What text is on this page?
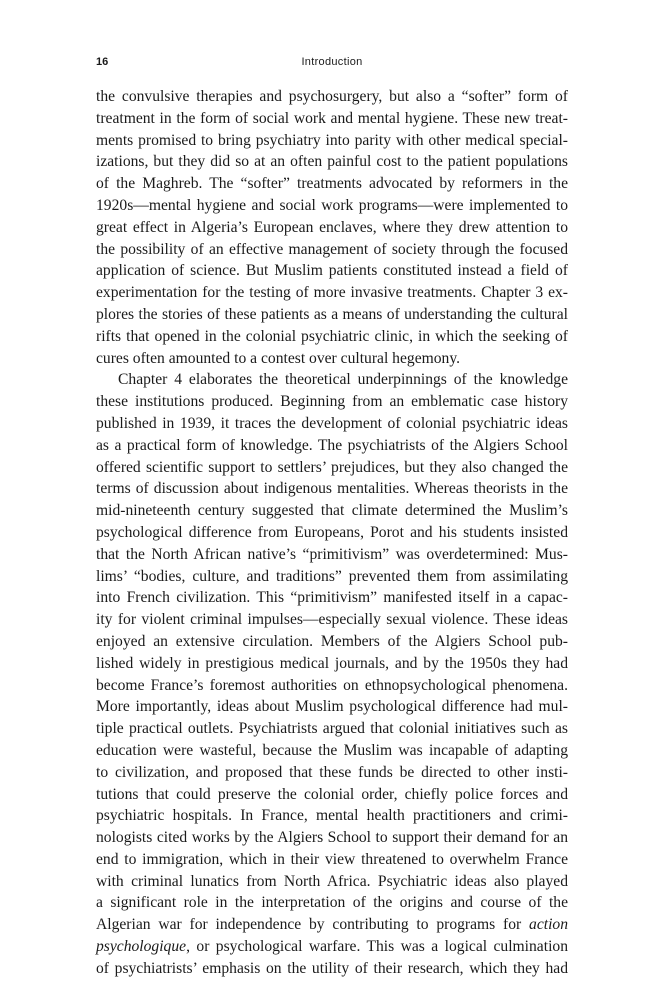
16	Introduction
the convulsive therapies and psychosurgery, but also a “softer” form of
treatment in the form of social work and mental hygiene. These new treat-
ments promised to bring psychiatry into parity with other medical special-
izations, but they did so at an often painful cost to the patient populations
of the Maghreb. The “softer” treatments advocated by reformers in the
1920s—mental hygiene and social work programs—were implemented to
great effect in Algeria’s European enclaves, where they drew attention to
the possibility of an effective management of society through the focused
application of science. But Muslim patients constituted instead a field of
experimentation for the testing of more invasive treatments. Chapter 3 ex-
plores the stories of these patients as a means of understanding the cultural
rifts that opened in the colonial psychiatric clinic, in which the seeking of
cures often amounted to a contest over cultural hegemony.
Chapter 4 elaborates the theoretical underpinnings of the knowledge
these institutions produced. Beginning from an emblematic case history
published in 1939, it traces the development of colonial psychiatric ideas
as a practical form of knowledge. The psychiatrists of the Algiers School
offered scientific support to settlers’ prejudices, but they also changed the
terms of discussion about indigenous mentalities. Whereas theorists in the
mid-nineteenth century suggested that climate determined the Muslim’s
psychological difference from Europeans, Porot and his students insisted
that the North African native’s “primitivism” was overdetermined: Mus-
lims’ “bodies, culture, and traditions” prevented them from assimilating
into French civilization. This “primitivism” manifested itself in a capac-
ity for violent criminal impulses—especially sexual violence. These ideas
enjoyed an extensive circulation. Members of the Algiers School pub-
lished widely in prestigious medical journals, and by the 1950s they had
become France’s foremost authorities on ethnopsychological phenomena.
More importantly, ideas about Muslim psychological difference had mul-
tiple practical outlets. Psychiatrists argued that colonial initiatives such as
education were wasteful, because the Muslim was incapable of adapting
to civilization, and proposed that these funds be directed to other insti-
tutions that could preserve the colonial order, chiefly police forces and
psychiatric hospitals. In France, mental health practitioners and crimi-
nologists cited works by the Algiers School to support their demand for an
end to immigration, which in their view threatened to overwhelm France
with criminal lunatics from North Africa. Psychiatric ideas also played
a significant role in the interpretation of the origins and course of the
Algerian war for independence by contributing to programs for action
psychologique, or psychological warfare. This was a logical culmination
of psychiatrists’ emphasis on the utility of their research, which they had
